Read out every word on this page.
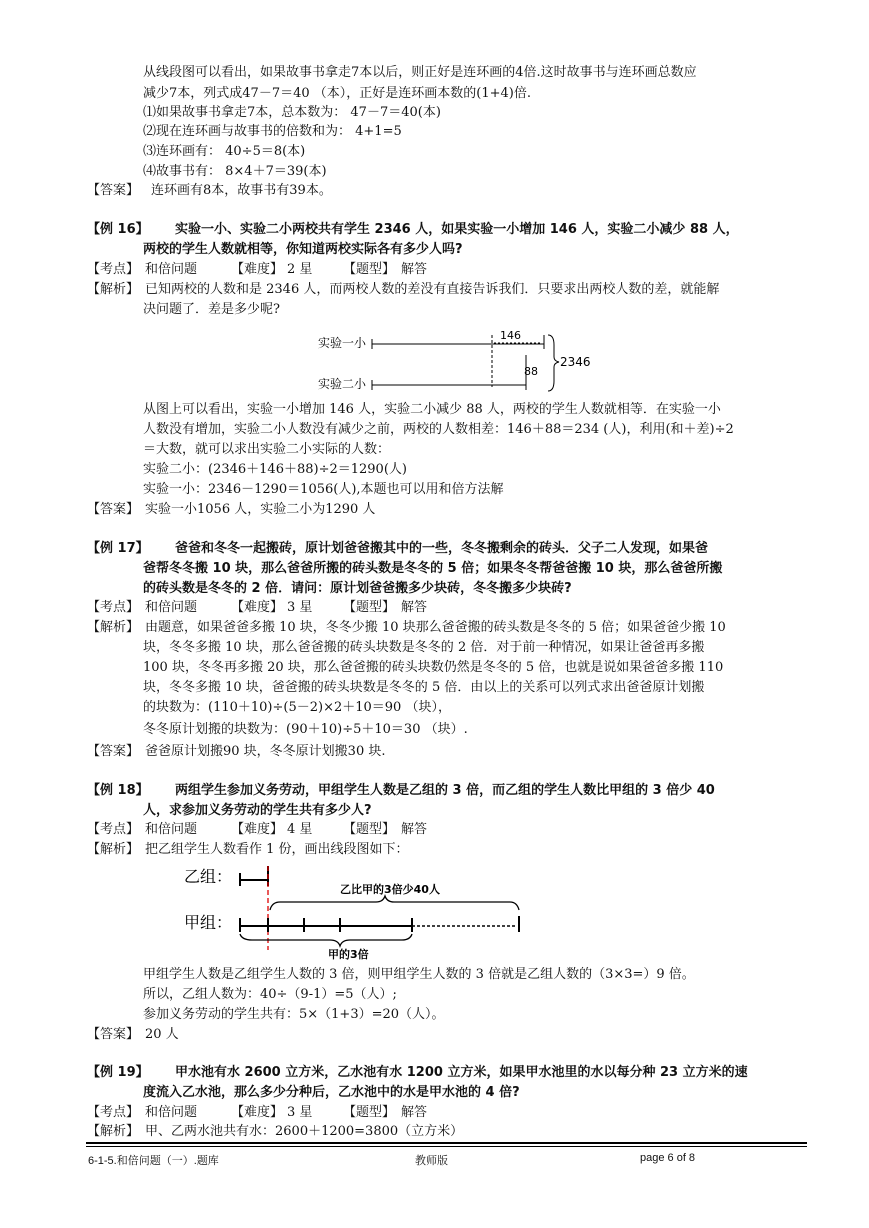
从线段图可以看出，如果故事书拿走7本以后，则正好是连环画的4倍.这时故事书与连环画总数应
减少7本，列式成47－7＝40 （本），正好是连环画本数的(1+4)倍.
⑴如果故事书拿走7本，总本数为： 47－7＝40(本)
⑵现在连环画与故事书的倍数和为： 4+1=5
⑶连环画有： 40÷5＝8(本)
⑷故事书有： 8×4＋7＝39(本)
【答案】 连环画有8本，故事书有39本。
【例 16】 实验一小、实验二小两校共有学生 2346 人，如果实验一小增加 146 人，实验二小减少 88 人，
两校的学生人数就相等，你知道两校实际各有多少人吗?
【考点】 和倍问题	【难度】 2 星 【题型】 解答
【解析】 已知两校的人数和是 2346 人，而两校人数的差没有直接告诉我们．只要求出两校人数的差，就能解
决问题了．差是多少呢?
实验一小
146
实验二小
88
2346
从图上可以看出，实验一小增加 146 人，实验二小减少 88 人，两校的学生人数就相等．在实验一小
人数没有增加，实验二小人数没有减少之前，两校的人数相差：146＋88＝234 (人)，利用(和＋差)÷2
＝大数，就可以求出实验二小实际的人数：
实验二小：(2346＋146＋88)÷2＝1290(人)
实验一小：2346－1290＝1056(人),本题也可以用和倍方法解
【答案】 实验一小1056 人，实验二小为1290 人
【例 17】 爸爸和冬冬一起搬砖，原计划爸爸搬其中的一些，冬冬搬剩余的砖头．父子二人发现，如果爸
爸帮冬冬搬 10 块，那么爸爸所搬的砖头数是冬冬的 5 倍；如果冬冬帮爸爸搬 10 块，那么爸爸所搬
的砖头数是冬冬的 2 倍．请问：原计划爸爸搬多少块砖，冬冬搬多少块砖?
【考点】 和倍问题	【难度】 3 星 【题型】 解答
【解析】 由题意，如果爸爸多搬 10 块，冬冬少搬 10 块那么爸爸搬的砖头数是冬冬的 5 倍；如果爸爸少搬 10
块，冬冬多搬 10 块，那么爸爸搬的砖头块数是冬冬的 2 倍．对于前一种情况，如果让爸爸再多搬
100 块，冬冬再多搬 20 块，那么爸爸搬的砖头块数仍然是冬冬的 5 倍，也就是说如果爸爸多搬 110
块，冬冬多搬 10 块，爸爸搬的砖头块数是冬冬的 5 倍．由以上的关系可以列式求出爸爸原计划搬
的块数为：(110＋10)÷(5－2)×2＋10＝90 （块），
冬冬原计划搬的块数为：(90＋10)÷5＋10＝30 （块）.
【答案】 爸爸原计划搬90 块，冬冬原计划搬30 块.
【例 18】 两组学生参加义务劳动，甲组学生人数是乙组的 3 倍，而乙组的学生人数比甲组的 3 倍少 40
人，求参加义务劳动的学生共有多少人?
【考点】 和倍问题	【难度】 4 星 【题型】 解答
【解析】 把乙组学生人数看作 1 份，画出线段图如下：
乙组：
乙比甲的3倍少40人
甲组：
甲的3倍
甲组学生人数是乙组学生人数的 3 倍，则甲组学生人数的 3 倍就是乙组人数的（3×3=）9 倍。
所以，乙组人数为：40÷（9-1）=5（人）;
参加义务劳动的学生共有：5×（1+3）=20（人）。
【答案】 20 人
【例 19】 甲水池有水 2600 立方米，乙水池有水 1200 立方米，如果甲水池里的水以每分种 23 立方米的速
度流入乙水池，那么多少分种后，乙水池中的水是甲水池的 4 倍?
【考点】 和倍问题	【难度】 3 星 【题型】 解答
【解析】 甲、乙两水池共有水：2600＋1200=3800（立方米）
6-1-5.和倍问题（一）.题库	教师版	page 6 of 8
